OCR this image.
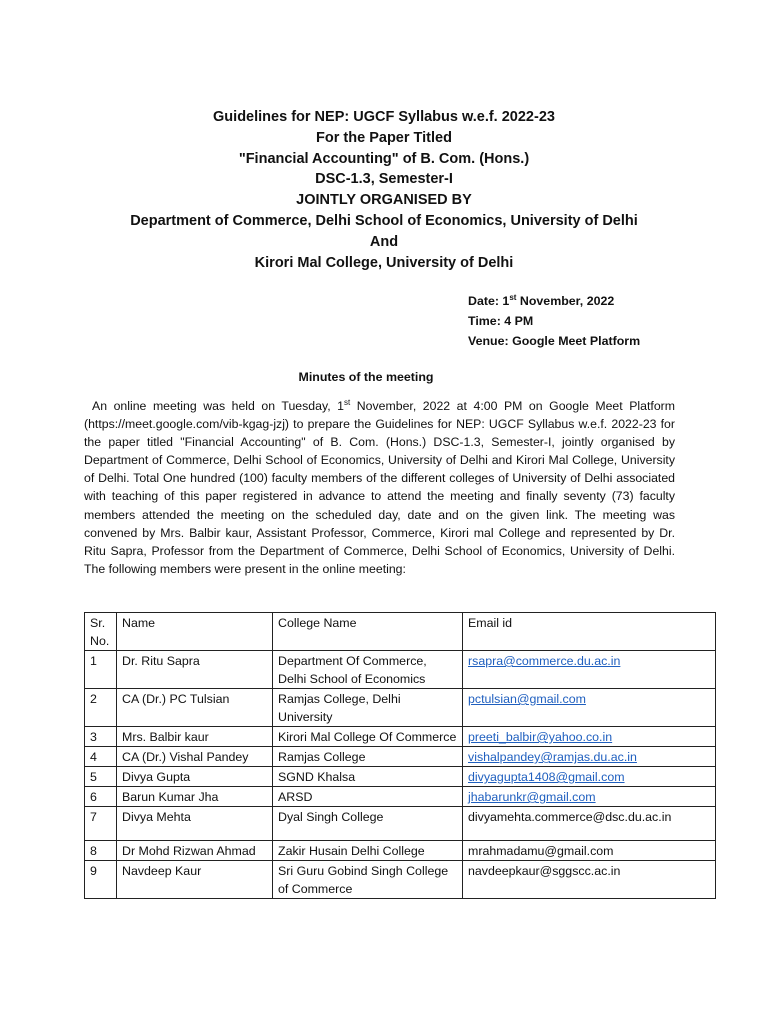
Guidelines for NEP: UGCF Syllabus w.e.f. 2022-23
For the Paper Titled
"Financial Accounting" of B. Com. (Hons.)
DSC-1.3, Semester-I
JOINTLY ORGANISED BY
Department of Commerce, Delhi School of Economics, University of Delhi
And
Kirori Mal College, University of Delhi
Date: 1st November, 2022
Time: 4 PM
Venue: Google Meet Platform
Minutes of the meeting
An online meeting was held on Tuesday, 1st November, 2022 at 4:00 PM on Google Meet Platform (https://meet.google.com/vib-kgag-jzj) to prepare the Guidelines for NEP: UGCF Syllabus w.e.f. 2022-23 for the paper titled "Financial Accounting" of B. Com. (Hons.) DSC-1.3, Semester-I, jointly organised by Department of Commerce, Delhi School of Economics, University of Delhi and Kirori Mal College, University of Delhi. Total One hundred (100) faculty members of the different colleges of University of Delhi associated with teaching of this paper registered in advance to attend the meeting and finally seventy (73) faculty members attended the meeting on the scheduled day, date and on the given link. The meeting was convened by Mrs. Balbir kaur, Assistant Professor, Commerce, Kirori mal College and represented by Dr. Ritu Sapra, Professor from the Department of Commerce, Delhi School of Economics, University of Delhi. The following members were present in the online meeting:
Sr. No.	Name	College Name	Email id
1	Dr. Ritu Sapra	Department Of Commerce, Delhi School of Economics	rsapra@commerce.du.ac.in
2	CA (Dr.) PC Tulsian	Ramjas College, Delhi University	pctulsian@gmail.com
3	Mrs. Balbir kaur	Kirori Mal College Of Commerce	preeti_balbir@yahoo.co.in
4	CA (Dr.) Vishal Pandey	Ramjas College	vishalpandey@ramjas.du.ac.in
5	Divya Gupta	SGND Khalsa	divyagupta1408@gmail.com
6	Barun Kumar Jha	ARSD	jhabarunkr@gmail.com
7	Divya Mehta	Dyal Singh College	divyamehta.commerce@dsc.du.ac.in
8	Dr Mohd Rizwan Ahmad	Zakir Husain Delhi College	mrahmadamu@gmail.com
9	Navdeep Kaur	Sri Guru Gobind Singh College of Commerce	navdeepkaur@sggscc.ac.in
